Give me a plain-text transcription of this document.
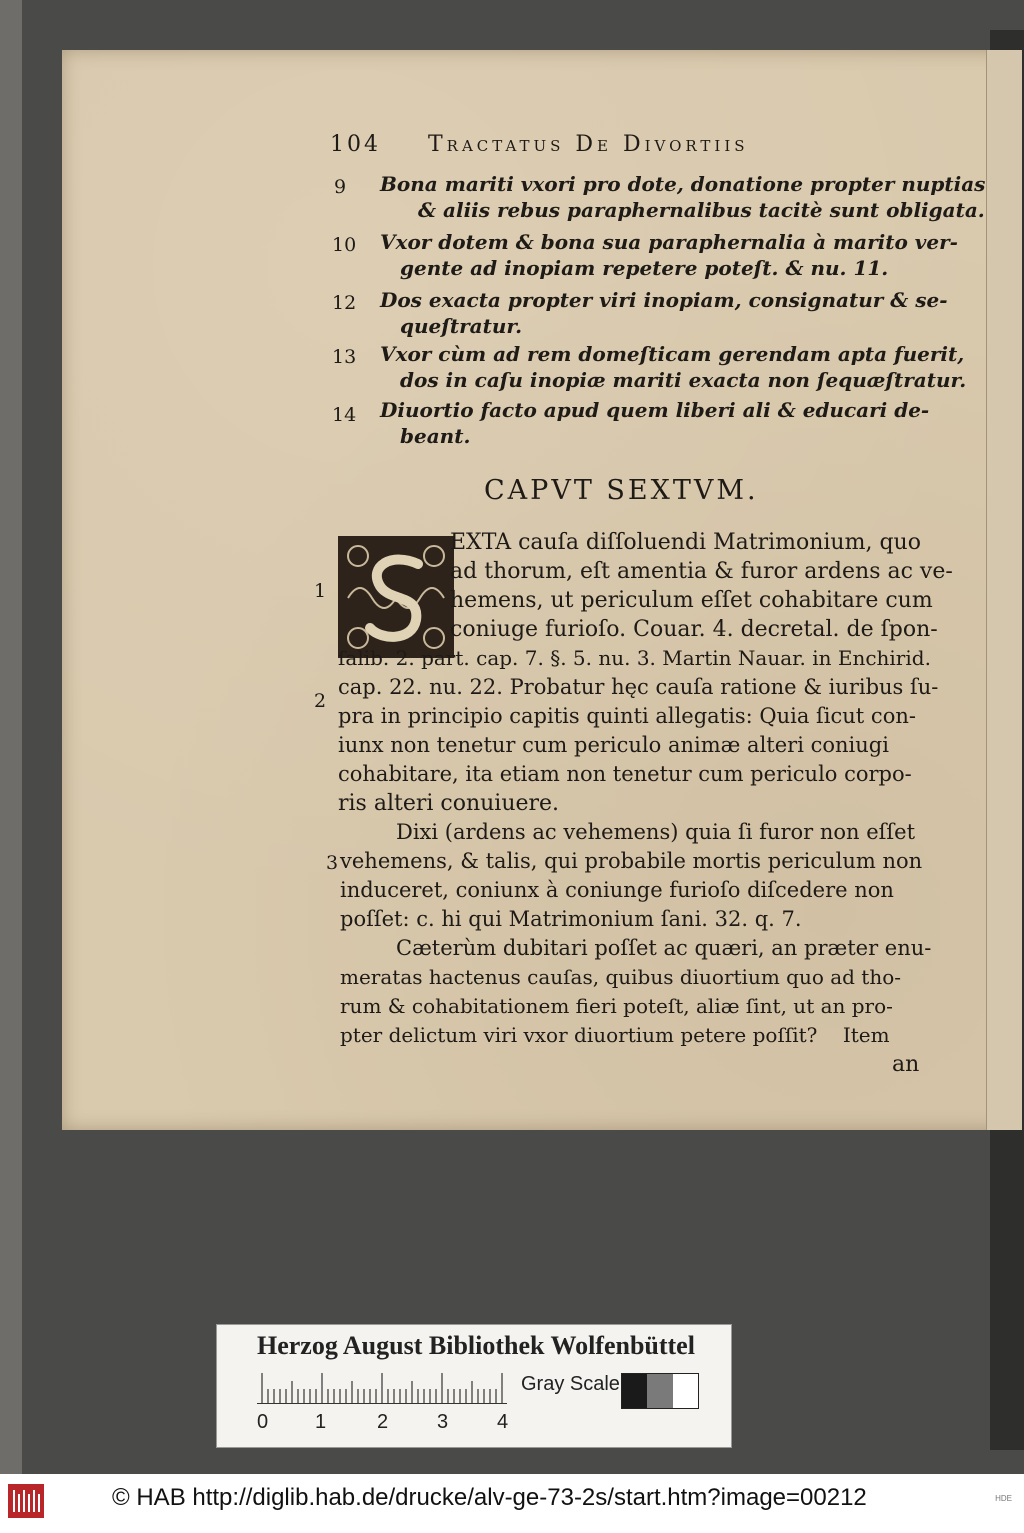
104 Tractatus De Divortiis
9 Bona mariti vxori pro dote, donatione propter nuptias
& aliis rebus paraphernalibus tacitè sunt obligata.
10 Vxor dotem & bona sua paraphernalia à marito ver-
gente ad inopiam repetere poteſt. & nu. 11.
12 Dos exacta propter viri inopiam, consignatur & se-
queſtratur.
13 Vxor cùm ad rem domeſticam gerendam apta fuerit,
dos in caſu inopiæ mariti exacta non ſequæſtratur.
14 Diuortio facto apud quem liberi ali & educari de-
beant.
CAPVT SEXTVM.
EXTA cauſa diſſoluendi Matrimonium, quo
ad thorum, eſt amentia & furor ardens ac ve-
hemens, ut periculum eſſet cohabitare cum
coniuge furioſo. Couar. 4. decretal. de ſpon-
ſalib. 2. part. cap. 7. §. 5. nu. 3. Martin Nauar. in Enchirid.
cap. 22. nu. 22. Probatur hęc cauſa ratione & iuribus ſu-
pra in principio capitis quinti allegatis: Quia ſicut con-
iunx non tenetur cum periculo animæ alteri coniugi
cohabitare, ita etiam non tenetur cum periculo corpo-
ris alteri conuiuere.
Dixi (ardens ac vehemens) quia ſi furor non eſſet
vehemens, & talis, qui probabile mortis periculum non
induceret, coniunx à coniunge furioſo diſcedere non
poſſet: c. hi qui Matrimonium ſani. 32. q. 7.
Cæterùm dubitari poſſet ac quæri, an præter enu-
meratas hactenus cauſas, quibus diuortium quo ad tho-
rum & cohabitationem fieri poteſt, aliæ ſint, ut an pro-
pter delictum viri vxor diuortium petere poſſit?    Item
1
2
3
an
Herzog August Bibliothek Wolfenbüttel
0 1	2 3 4
Gray Scale
© HAB http://diglib.hab.de/drucke/alv-ge-73-2s/start.htm?image=00212	HDE
